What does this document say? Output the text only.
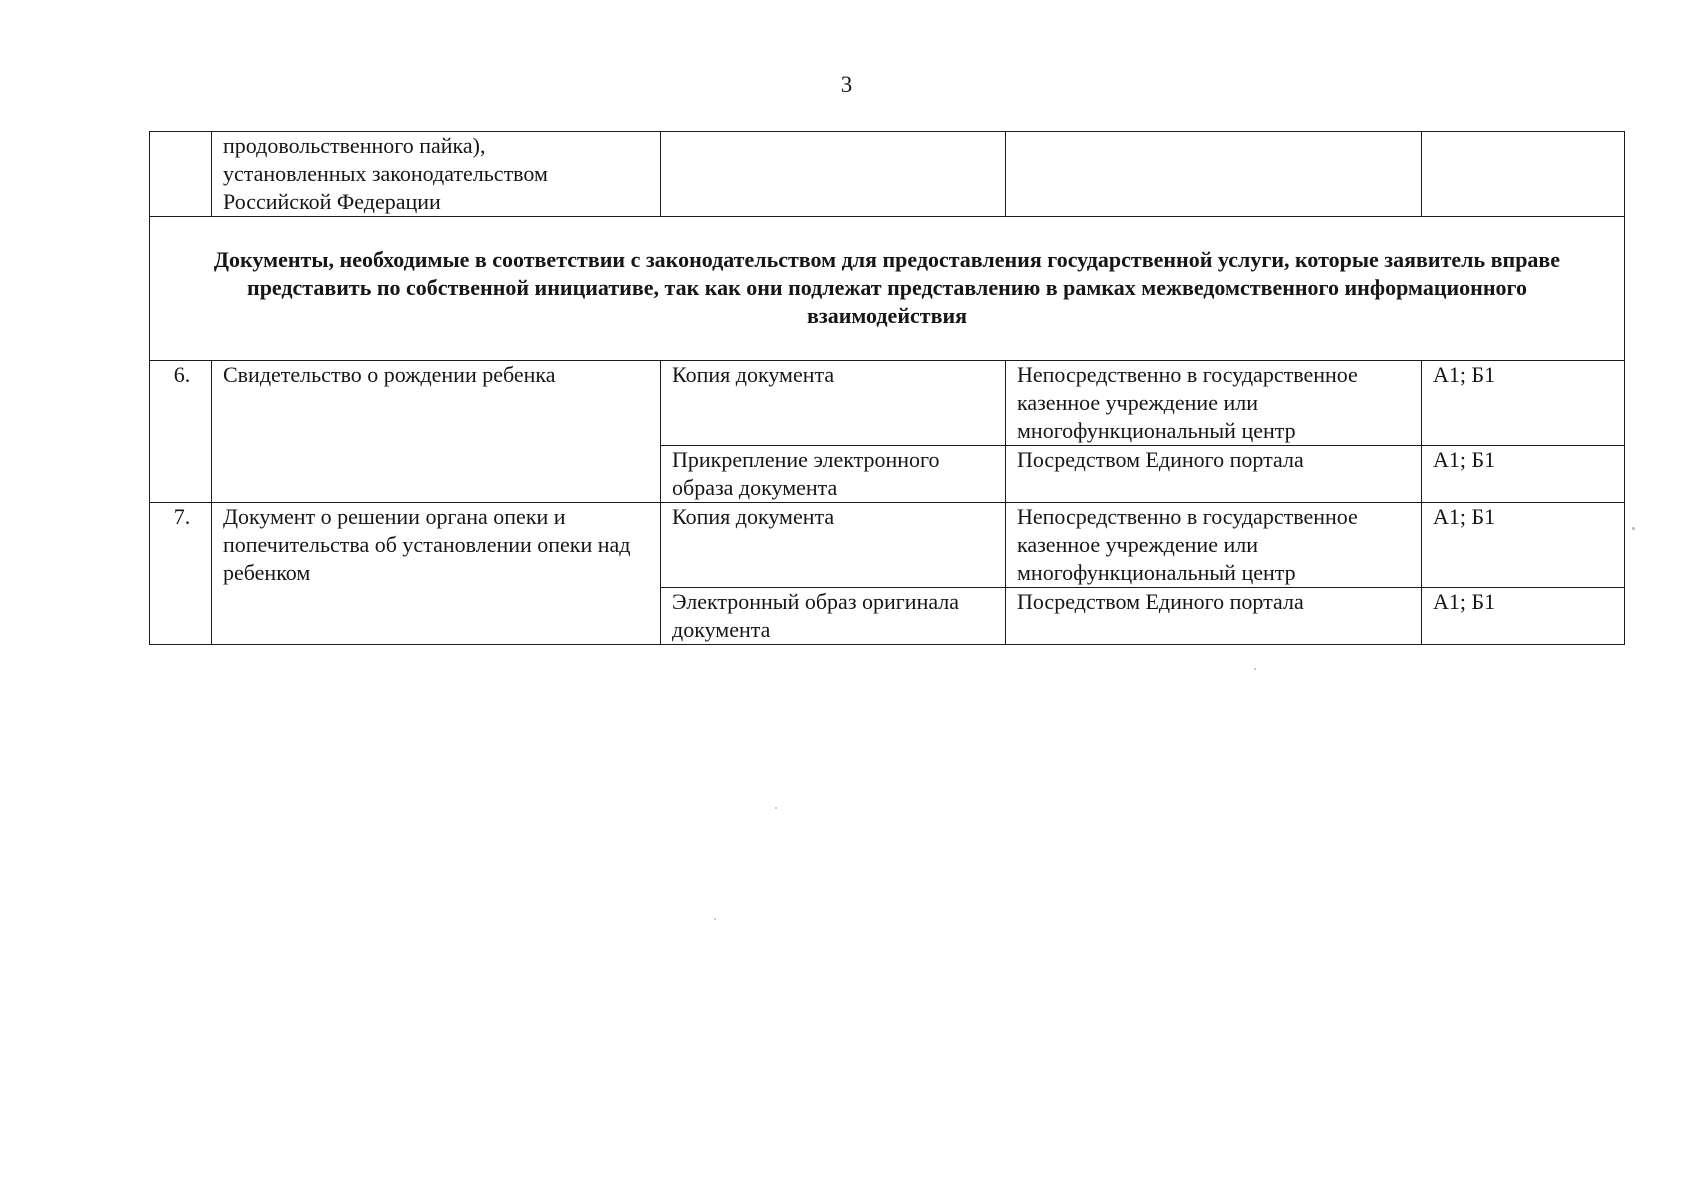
3
	продовольственного пайка),
установленных законодательством
Российской Федерации			
Документы, необходимые в соответствии с законодательством для предоставления государственной услуги, которые заявитель вправе представить по собственной инициативе, так как они подлежат представлению в рамках межведомственного информационного взаимодействия				
6.	Свидетельство о рождении ребенка	Копия документа	Непосредственно в государственное казенное учреждение или многофункциональный центр	А1; Б1
		Прикрепление электронного образа документа	Посредством Единого портала	А1; Б1
7.	Документ о решении органа опеки и попечительства об установлении опеки над ребенком	Копия документа	Непосредственно в государственное казенное учреждение или многофункциональный центр	А1; Б1
		Электронный образ оригинала документа	Посредством Единого портала	А1; Б1
